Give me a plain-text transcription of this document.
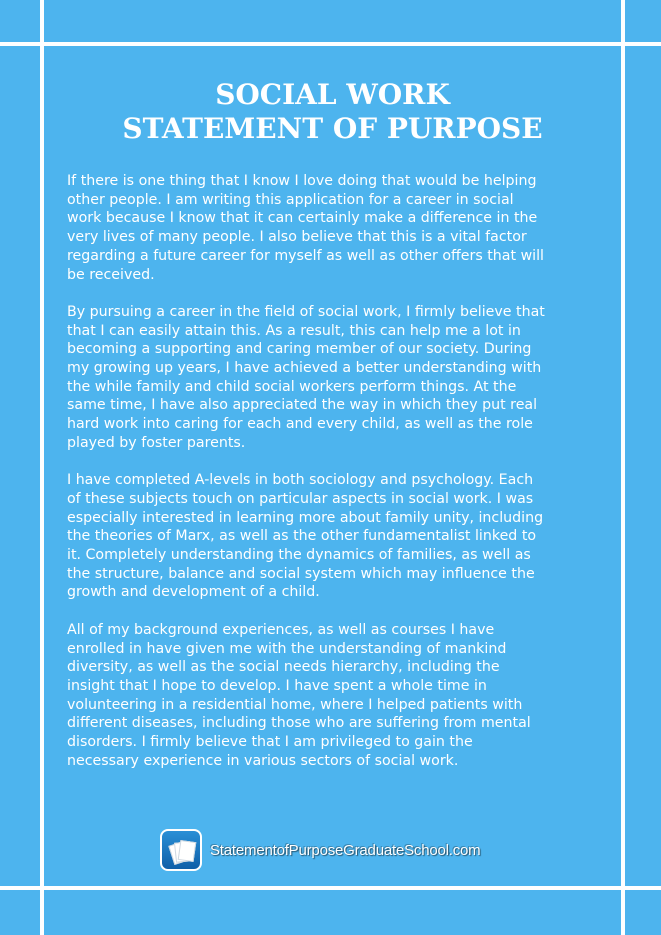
SOCIAL WORK
STATEMENT OF PURPOSE

If there is one thing that I know I love doing that would be helping
other people. I am writing this application for a career in social
work because I know that it can certainly make a difference in the
very lives of many people. I also believe that this is a vital factor
regarding a future career for myself as well as other offers that will
be received.

By pursuing a career in the field of social work, I firmly believe that
that I can easily attain this. As a result, this can help me a lot in
becoming a supporting and caring member of our society. During
my growing up years, I have achieved a better understanding with
the while family and child social workers perform things. At the
same time, I have also appreciated the way in which they put real
hard work into caring for each and every child, as well as the role
played by foster parents.

I have completed A-levels in both sociology and psychology. Each
of these subjects touch on particular aspects in social work. I was
especially interested in learning more about family unity, including
the theories of Marx, as well as the other fundamentalist linked to
it. Completely understanding the dynamics of families, as well as
the structure, balance and social system which may influence the
growth and development of a child.

All of my background experiences, as well as courses I have
enrolled in have given me with the understanding of mankind
diversity, as well as the social needs hierarchy, including the
insight that I hope to develop. I have spent a whole time in
volunteering in a residential home, where I helped patients with
different diseases, including those who are suffering from mental
disorders. I firmly believe that I am privileged to gain the
necessary experience in various sectors of social work.

StatementofPurposeGraduateSchool.com
